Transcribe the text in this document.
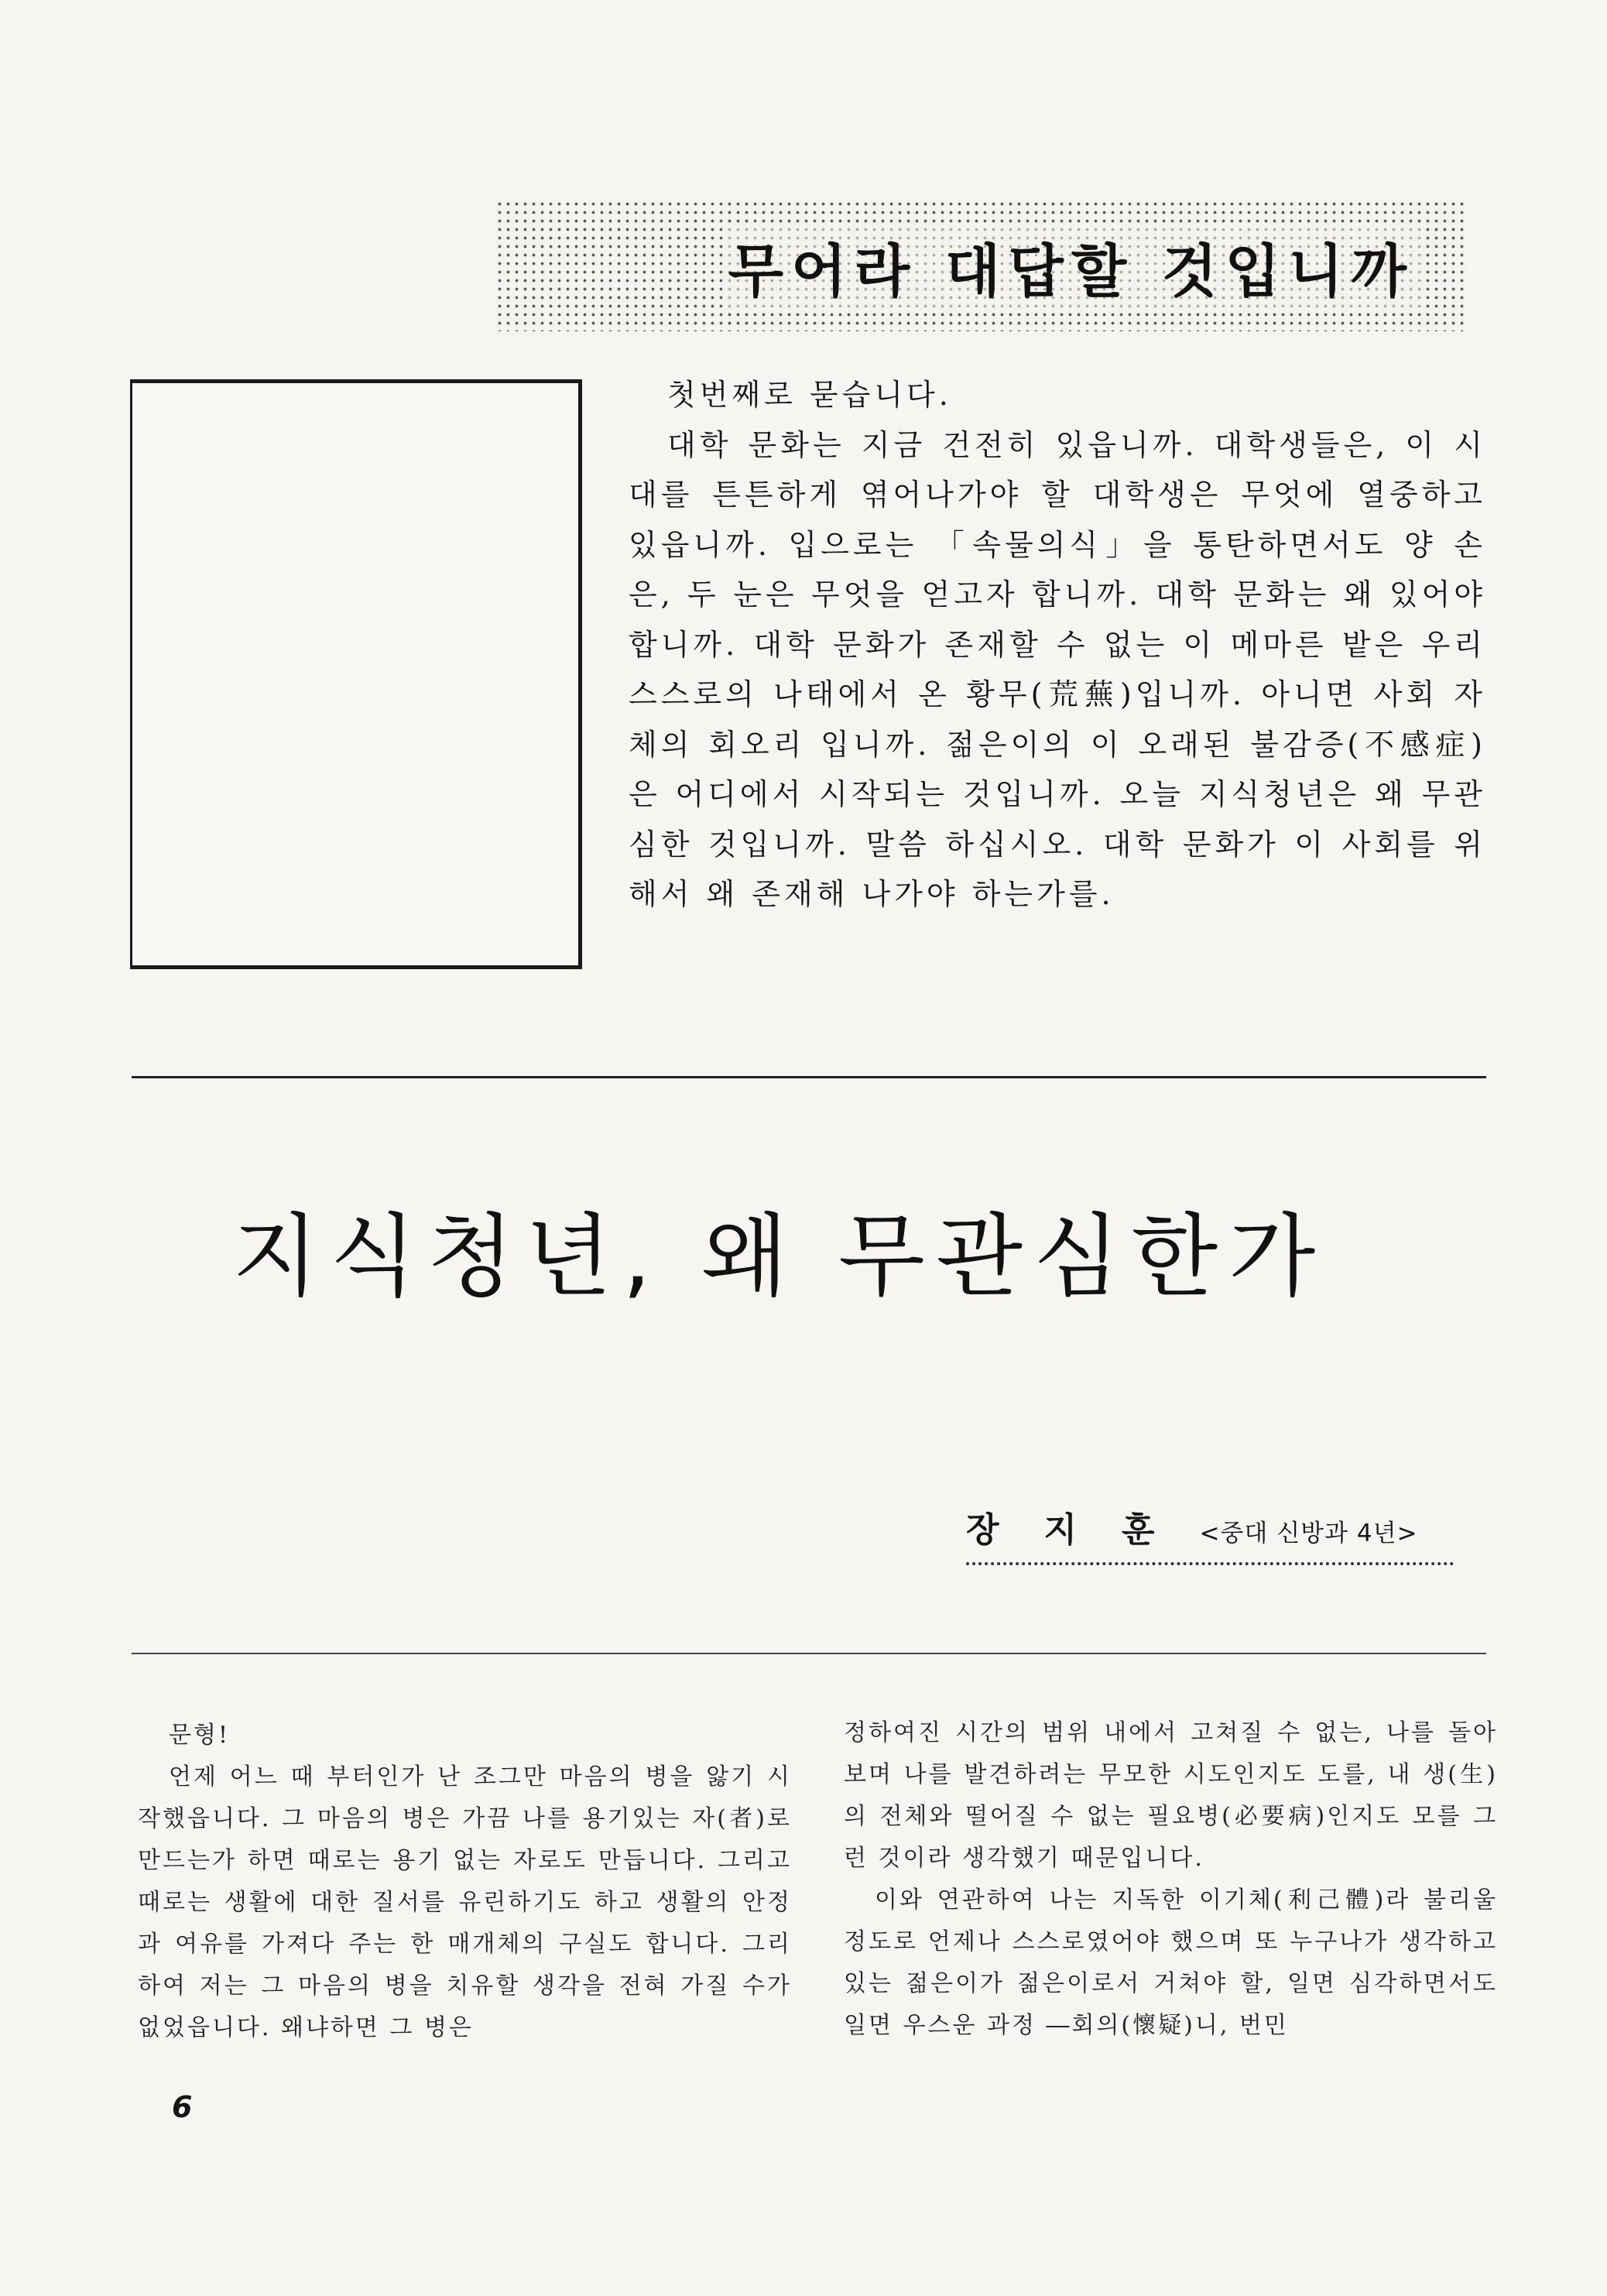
무어라 대답할 것입니까

첫번째로 묻습니다.

대학 문화는 지금 건전히 있읍니까. 대학생들은, 이 시대를 튼튼하게 엮어나가야 할 대학생은 무엇에 열중하고 있읍니까. 입으로는 「속물의식」을 통탄하면서도 양 손은, 두 눈은 무엇을 얻고자 합니까. 대학 문화는 왜 있어야 합니까. 대학 문화가 존재할 수 없는 이 메마른 밭은 우리 스스로의 나태에서 온 황무(荒蕪)입니까. 아니면 사회 자체의 회오리 입니까. 젊은이의 이 오래된 불감증(不感症)은 어디에서 시작되는 것입니까. 오늘 지식청년은 왜 무관심한 것입니까. 말씀 하십시오. 대학 문화가 이 사회를 위해서 왜 존재해 나가야 하는가를.

지식청년, 왜 무관심한가
장지훈<중대 신방과 4년>

문형!

언제 어느 때 부터인가 난 조그만 마음의 병을 앓기 시작했읍니다. 그 마음의 병은 가끔 나를 용기있는 자(者)로 만드는가 하면 때로는 용기 없는 자로도 만듭니다. 그리고 때로는 생활에 대한 질서를 유린하기도 하고 생활의 안정과 여유를 가져다 주는 한 매개체의 구실도 합니다. 그리하여 저는 그 마음의 병을 치유할 생각을 전혀 가질 수가 없었읍니다. 왜냐하면 그 병은

정하여진 시간의 범위 내에서 고쳐질 수 없는, 나를 돌아 보며 나를 발견하려는 무모한 시도인지도 도를, 내 생(生)의 전체와 떨어질 수 없는 필요병(必要病)인지도 모를 그런 것이라 생각했기 때문입니다.

이와 연관하여 나는 지독한 이기체(利己體)라 불리울 정도로 언제나 스스로였어야 했으며 또 누구나가 생각하고 있는 젊은이가 젊은이로서 거쳐야 할, 일면 심각하면서도 일면 우스운 과정 ―회의(懷疑)니, 번민

6
